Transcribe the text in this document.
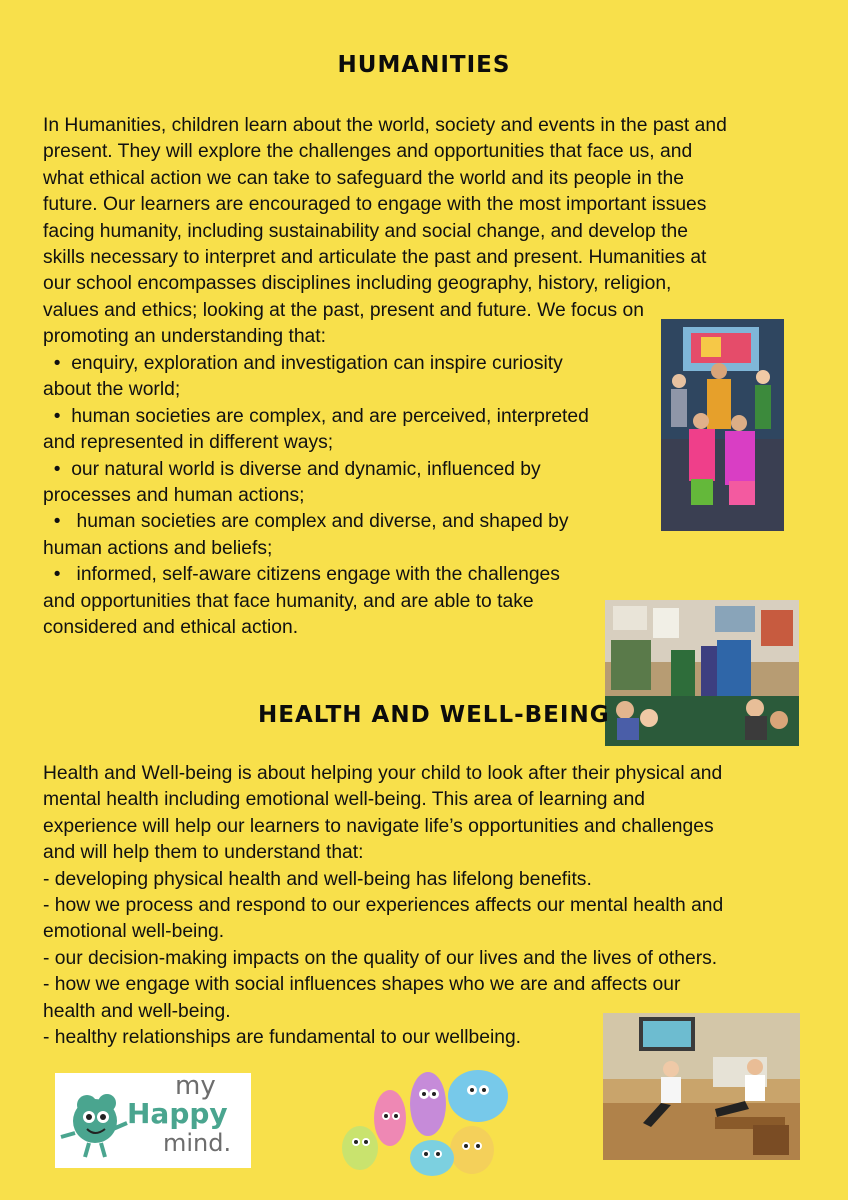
HUMANITIES
In Humanities, children learn about the world, society and events in the past and
present. They will explore the challenges and opportunities that face us, and
what ethical action we can take to safeguard the world and its people in the
future. Our learners are encouraged to engage with the most important issues
facing humanity, including sustainability and social change, and develop the
skills necessary to interpret and articulate the past and present. Humanities at
our school encompasses disciplines including geography, history, religion,
values and ethics; looking at the past, present and future. We focus on
promoting an understanding that:
•  enquiry, exploration and investigation can inspire curiosity
about the world;
•  human societies are complex, and are perceived, interpreted
and represented in different ways;
•  our natural world is diverse and dynamic, influenced by
processes and human actions;
•   human societies are complex and diverse, and shaped by
human actions and beliefs;
•   informed, self-aware citizens engage with the challenges
and opportunities that face humanity, and are able to take
considered and ethical action.
HEALTH AND WELL-BEING
Health and Well-being is about helping your child to look after their physical and
mental health including emotional well-being. This area of learning and
experience will help our learners to navigate life’s opportunities and challenges
and will help them to understand that:
- developing physical health and well-being has lifelong benefits.
- how we process and respond to our experiences affects our mental health and
emotional well-being.
- our decision-making impacts on the quality of our lives and the lives of others.
- how we engage with social influences shapes who we are and affects our
health and well-being.
- healthy relationships are fundamental to our wellbeing.
my
Happy
mind.
